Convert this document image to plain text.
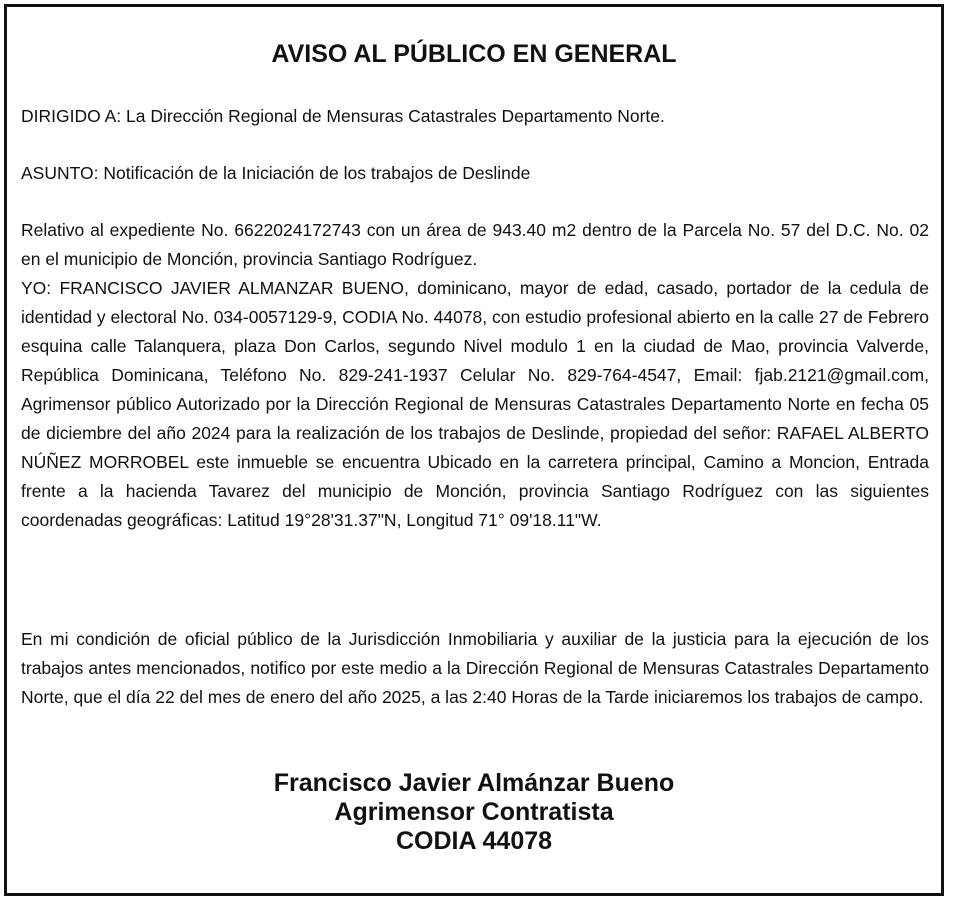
AVISO AL PÚBLICO EN GENERAL

DIRIGIDO A: La Dirección Regional de Mensuras Catastrales Departamento Norte.

ASUNTO: Notificación de la Iniciación de los trabajos de Deslinde

Relativo al expediente No. 6622024172743 con un área de 943.40 m2 dentro de la Parcela No. 57 del D.C. No. 02 en el municipio de Monción, provincia Santiago Rodríguez.

YO: FRANCISCO JAVIER ALMANZAR BUENO, dominicano, mayor de edad, casado, portador de la cedula de identidad y electoral No. 034-0057129-9, CODIA No. 44078, con estudio profesional abierto en la calle 27 de Febrero esquina calle Talanquera, plaza Don Carlos, segundo Nivel modulo 1 en la ciudad de Mao, provincia Valverde, República Dominicana, Teléfono No. 829-241-1937 Celular No. 829-764-4547, Email: fjab.2121@gmail.com, Agrimensor público Autorizado por la Dirección Regional de Mensuras Catastrales Departamento Norte en fecha 05 de diciembre del año 2024 para la realización de los trabajos de Deslinde, propiedad del señor: RAFAEL ALBERTO NÚÑEZ MORROBEL este inmueble se encuentra Ubicado en la carretera principal, Camino a Moncion, Entrada frente a la hacienda Tavarez del municipio de Monción, provincia Santiago Rodríguez con las siguientes coordenadas geográficas: Latitud 19°28'31.37"N, Longitud 71° 09'18.11"W.

En mi condición de oficial público de la Jurisdicción Inmobiliaria y auxiliar de la justicia para la ejecución de los trabajos antes mencionados, notifico por este medio a la Dirección Regional de Mensuras Catastrales Departamento Norte, que el día 22 del mes de enero del año 2025, a las 2:40 Horas de la Tarde iniciaremos los trabajos de campo.

Francisco Javier Almánzar Bueno
Agrimensor Contratista
CODIA 44078
